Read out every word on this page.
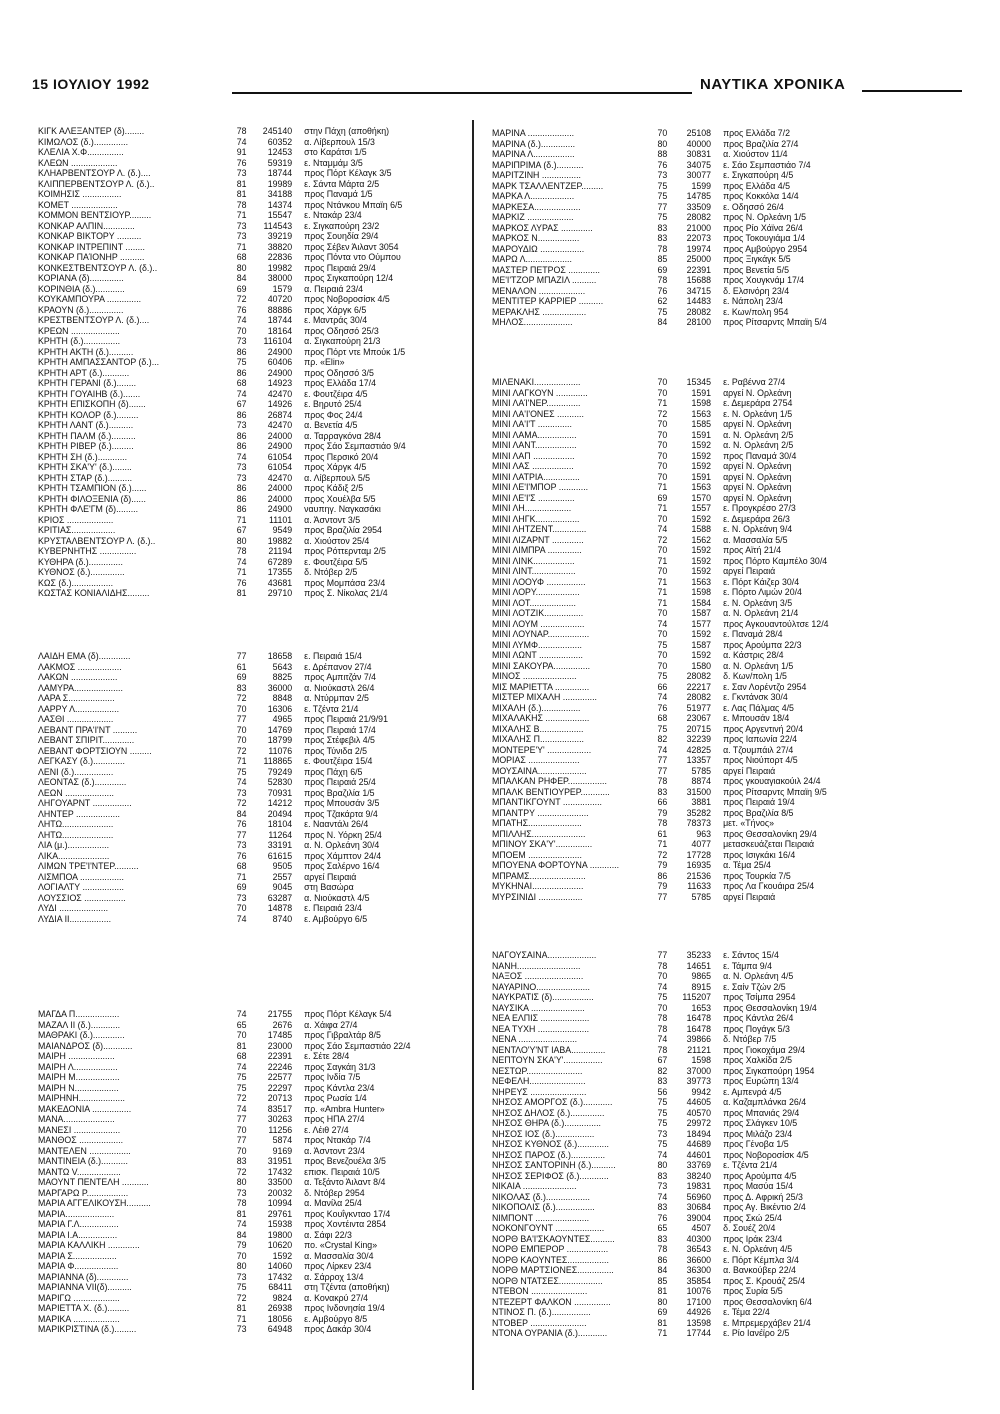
15 ΙΟΥΛΙΟΥ 1992	ΝΑΥΤΙΚΑ ΧΡΟΝΙΚΑ
ΚΙΓΚ ΑΛΕΞΑΝΤΕΡ (δ)........	78	245140	στην Πάχη (αποθήκη)
ΚΙΜΩΛΟΣ (δ.)..............	74	60352	α. Λίβερπουλ 15/3
ΚΛΕΛΙΑ Χ.Φ...............	91	12453	στο Καράτσι 1/5
ΚΛΕΩΝ ...................	76	59319	ε. Νταμμάμ 3/5
ΚΛΗΑΡΒΕΝΤΣΟΥΡ Λ. (δ.)....	73	18744	προς Πόρτ Κέλαγκ 3/5
ΚΛΙΠΠΕΡΒΕΝΤΣΟΥΡ Λ. (δ.)..	81	19989	ε. Σάντα Μάρτα 2/5
ΚΟΙΜΗΣΙΣ ................	81	34188	προς Παναμά 1/5
ΚΟΜΕΤ ...................	78	14374	προς Ντάνκου Μπαϊη 6/5
ΚΟΜΜΟΝ ΒΕΝΤΣΙΟΥΡ.........	71	15547	ε. Ντακάρ 23/4
ΚΟΝΚΑΡ ΑΛΠΙΝ.............	73	114543	ε. Σιγκαπούρη 23/2
ΚΟΝΚΑΡ ΒΙΚΤΟΡΥ ..........	73	39219	προς Σουηδία 29/4
ΚΟΝΚΑΡ ΙΝΤΡΕΠΙΝΤ ........	71	38820	προς Σέβεν Άιλαντ 3054
ΚΟΝΚΑΡ ΠΑΊΟΝΗΡ ..........	68	22836	προς Πόντα ντο Ούμπου
ΚΟΝΚΕΣΤΒΕΝΤΣΟΥΡ Λ. (δ.)..	80	19982	προς Πειραιά 29/4
ΚΟΡΙΑΝΑ (δ)..............	84	38000	προς Σιγκαπούρη 12/4
ΚΟΡΙΝΘΙΑ (δ.)............	69	1579	α. Πειραιά 23/4
ΚΟΥΚΑΜΠΟΥΡΑ ..............	72	40720	προς Νοβοροσίσκ 4/5
ΚΡΑΟΥΝ (δ.)..............	76	88886	προς Χάργκ 6/5
ΚΡΕΣΤΒΕΝΤΣΟΥΡ Λ. (δ.)....	74	18744	ε. Μαντράς 30/4
ΚΡΕΩΝ ....................	70	18164	προς Οδησσό 25/3
ΚΡΗΤΗ (δ.)...............	73	116104	α. Σιγκαπούρη 21/3
ΚΡΗΤΗ ΑΚΤΗ (δ.)..........	86	24900	προς Πόρτ ντε Μπούκ 1/5
ΚΡΗΤΗ ΑΜΠΑΣΣΑΝΤΟΡ (δ.)...	75	60406	πρ. «Elin»
ΚΡΗΤΗ ΑΡΤ (δ.)...........	86	24900	προς Οδησσό 3/5
ΚΡΗΤΗ ΓΕΡΑΝΙ (δ.)........	68	14923	προς Ελλάδα 17/4
ΚΡΗΤΗ ΓΟΥΑΙΗΒ (δ.).......	74	42470	ε. Φουτζέιρα 4/5
ΚΡΗΤΗ ΕΠΙΣΚΟΠΗ (δ).......	67	14926	ε. Βηρυτό 25/4
ΚΡΗΤΗ ΚΟΛΟΡ (δ.).........	86	26874	προς Φος 24/4
ΚΡΗΤΗ ΛΑΝΤ (δ.)..........	73	42470	α. Βενετία 4/5
ΚΡΗΤΗ ΠΑΛΜ (δ.)..........	86	24000	α. Ταρραγκόνα 28/4
ΚΡΗΤΗ ΡΙΒΕΡ (δ.).........	86	24900	προς Σάο Σεμπαστιάο 9/4
ΚΡΗΤΗ ΣΗ (δ.)............	74	61054	προς Περσικό 20/4
ΚΡΗΤΗ ΣΚΑ'Υ' (δ.)........	73	61054	προς Χάργκ 4/5
ΚΡΗΤΗ ΣΤΑΡ (δ.)..........	73	42470	α. Λίβερπουλ 5/5
ΚΡΗΤΗ ΤΣΑΜΠΙΟΝ (δ.)......	86	24000	προς Κάδιξ 2/5
ΚΡΗΤΗ ΦΙΛΟΞΕΝΙΑ (δ)......	86	24000	προς Χουέλβα 5/5
ΚΡΗΤΗ ΦΛΕ'ΓΜ (δ).........	86	24900	ναυπηγ. Ναγκασάκι
ΚΡΙΟΣ ...................	71	11101	α. Άσντοντ 3/5
ΚΡΙΤΙΑΣ..................	67	9549	προς Βραζιλία 2954
ΚΡΥΣΤΑΛΒΕΝΤΣΟΥΡ Λ. (δ.)..	80	19882	α. Χιούστον 25/4
ΚΥΒΕΡΝΗΤΗΣ ...............	78	21194	προς Ρόττερνταμ 2/5
ΚΥΘΗΡΑ (δ.)..............	74	67289	ε. Φουτζέιρα 5/5
ΚΥΘΝΟΣ (δ.)..............	71	17355	δ. Ντόβερ 2/5
ΚΩΣ (δ.).................	76	43681	προς Μομπάσα 23/4
ΚΩΣΤΑΣ ΚΟΝΙΑΛΙΔΗΣ.........	81	29710	προς Σ. Νίκολας 21/4
ΛΑΙΔΗ ΕΜΑ (δ).............	77	18658	ε. Πειραιά 15/4
ΛΑΚΜΟΣ ..................	61	5643	ε. Δρέπανον 27/4
ΛΑΚΩΝ ...................	69	8825	προς Αμπιτζάν 7/4
ΛΑΜΥΡΑ....................	83	36000	α. Νιούκαστλ 26/4
ΛΑΡΑ Σ...................	72	8848	α. Ντύρμπαν 2/5
ΛΑΡΡΥ Λ..................	70	16306	ε. Τζέντα 21/4
ΛΑΣΘΙ ...................	77	4965	προς Πειραιά 21/9/91
ΛΕΒΑΝΤ ΠΡΑ'Ι'ΝΤ ..........	70	14769	προς Πειραιά 17/4
ΛΕΒΑΝΤ ΣΠΙΡΙΤ.............	70	18799	προς Στέφεβιλ 4/5
ΛΕΒΑΝΤ ΦΟΡΤΣΙΟΥΝ .........	72	11076	προς Τύνιδα 2/5
ΛΕΓΚΑΣΥ (δ.).............	71	118865	ε. Φουτζέιρα 15/4
ΛΕΝΙ (δ.)................	75	79249	προς Πάχη 6/5
ΛΕΟΝΤΑΣ (δ.).............	74	52830	προς Πειραιά 25/4
ΛΕΩΝ ....................	73	70931	προς Βραζιλία 1/5
ΛΗΓΟΥΑΡΝΤ ................	72	14212	προς Μπουσάν 3/5
ΛΗΝΤΕΡ ..................	84	20494	προς Τζακάρτα 9/4
ΛΗΤΩ.....................	76	18104	ε. Νααντάλι 26/4
ΛΗΤΩ.....................	77	11264	προς Ν. Υόρκη 25/4
ΛΙΑ (μ.).................	73	33191	α. Ν. Ορλεάνη 30/4
ΛΙΚΑ.....................	76	61615	προς Χάμπτον 24/4
ΛΙΜΩΝ ΤΡΕ'Ι'ΝΤΕΡ..........	68	9505	προς Σαλέρνο 16/4
ΛΙΣΜΠΟΑ ..................	71	2557	αργεί Πειραιά
ΛΟΓΙΑΛΤΥ .................	69	9045	στη Βασώρα
ΛΟΥΣΣΙΟΣ .................	73	63287	α. Νιούκαστλ 4/5
ΛΥΔΙ ....................	70	14878	ε. Πειραιά 23/4
ΛΥΔΙΑ ΙΙ.................	74	8740	ε. Αμβούργο 6/5
ΜΑΓΔΑ Π..................	74	21755	προς Πόρτ Κέλαγκ 5/4
ΜΑΖΑΛ ΙΙ (δ.)............	65	2676	α. Χάιφα 27/4
ΜΑΘΡΑΚΙ (δ.).............	70	17485	προς Γιβραλτάρ 8/5
ΜΑΙΑΝΔΡΟΣ (δ)............	81	23000	προς Σάο Σεμπαστιάο 22/4
ΜΑΙΡΗ ...................	68	22391	ε. Σέτε 28/4
ΜΑΙΡΗ Λ..................	74	22246	προς Σαγκάη 31/3
ΜΑΙΡΗ Μ..................	75	22577	προς Ινδία 7/5
ΜΑΙΡΗ Ν..................	75	22297	προς Κάντλα 23/4
ΜΑΙΡΗΝΗ...................	72	20713	προς Ρωσία 1/4
ΜΑΚΕΔΟΝΙΑ ................	74	83517	πρ. «Ambra Hunter»
ΜΑΝΑ.....................	77	30263	προς ΗΠΑ 27/4
ΜΑΝΕΣΙ ...................	70	11256	ε. Λέιθ 27/4
ΜΑΝΘΟΣ ..................	77	5874	προς Ντακάρ 7/4
ΜΑΝΤΕΛΕΝ .................	70	9169	α. Άσντοντ 23/4
ΜΑΝΤΙΝΕΙΑ (δ.)...........	83	31951	προς Βενεζουέλα 3/5
ΜΑΝΤΩ V..................	72	17432	επισκ. Πειραιά 10/5
ΜΑΟΥΝΤ ΠΕΝΤΕΛΗ ...........	80	33500	α. Τεξάντο Άιλαντ 8/4
ΜΑΡΓΑΡΩ Ρ.................	73	20032	δ. Ντόβερ 2954
ΜΑΡΙΑ ΑΓΓΕΛΙΚΟΥΣΗ..........	78	10994	α. Μανίλα 25/4
ΜΑΡΙΑ....................	81	29761	προς Κουΐγκνταο 17/4
ΜΑΡΙΑ Γ.Λ................	74	15938	προς Χοντέιντα 2854
ΜΑΡΙΑ Ι.Α................	84	19800	α. Σάφι 22/3
ΜΑΡΙΑ ΚΑΛΛΙΚΗ .............	79	10620	πο. «Crystal King»
ΜΑΡΙΑ Σ..................	70	1592	α. Μασσαλία 30/4
ΜΑΡΙΑ Φ..................	80	14060	προς Λίρκεν 23/4
ΜΑΡΙΑΝΝΑ (δ).............	73	17432	α. Σάρροχ 13/4
ΜΑΡΙΑΝΝΑ VII(δ)..........	75	68411	στη Τζέντα (αποθήκη)
ΜΑΡΙΓΩ ...................	72	9824	α. Κονακρύ 27/4
ΜΑΡΙΕΤΤΑ Χ. (δ.).........	81	26938	προς Ινδονησία 19/4
ΜΑΡΙΚΑ ...................	71	18056	ε. Αμβούργο 8/5
ΜΑΡΙΚΡΙΣΤΙΝΑ (δ.).........	73	64948	προς Δακάρ 30/4
ΜΑΡΙΝΑ ...................	70	25108	προς Ελλάδα 7/2
ΜΑΡΙΝΑ (δ.)..............	80	40000	προς Βραζιλία 27/4
ΜΑΡΙΝΑ Λ.................	88	30831	α. Χιούστον 11/4
ΜΑΡΙΠΡΙΜΑ (δ.)...........	76	34075	ε. Σάο Σεμπαστιάο 7/4
ΜΑΡΙΤΖΙΝΗ ................	73	30077	ε. Σιγκαπούρη 4/5
ΜΑΡΚ ΤΣΑΛΛΕΝΤΖΕΡ.........	75	1599	προς Ελλάδα 4/5
ΜΑΡΚΑ Λ..................	75	14785	προς Κοκκόλα 14/4
ΜΑΡΚΕΣΑ...................	77	33509	ε. Οδησσό 26/4
ΜΑΡΚΙΖ ...................	75	28082	προς Ν. Ορλεάνη 1/5
ΜΑΡΚΟΣ ΛΥΡΑΣ .............	83	21000	προς Ρίο Χάϊνα 26/4
ΜΑΡΚΟΣ Ν.................	83	22073	προς Τοκουγιάμα 1/4
ΜΑΡΟΥΔΙΩ ..................	78	19974	προς Αμβούργο 2954
ΜΑΡΩ Λ...................	85	25000	προς Ξιγκάγκ 5/5
ΜΑΣΤΕΡ ΠΕΤΡΟΣ .............	69	22391	προς Βενετία 5/5
ΜΕ'Ι'ΤΖΟΡ ΜΠΑΖΙΛ ..........	78	15688	προς Χουγκνάμ 17/4
ΜΕΝΑΛΟΝ ...................	76	34715	δ. Ελσινόρη 23/4
ΜΕΝΤΙΤΕΡ ΚΑΡΡΙΕΡ ..........	62	14483	ε. Νάπολη 23/4
ΜΕΡΑΚΛΗΣ ..................	75	28082	ε. Κων/πολη 954
ΜΗΛΟΣ....................	84	28100	προς Ρίτσαρντς Μπαϊη 5/4
ΜΙΛΕΝΑΚΙ...................	70	15345	ε. Ραβέννα 27/4
ΜΙΝΙ ΛΑΓΚΟΥΝ .............	70	1591	αργεί Ν. Ορλεάνη
ΜΙΝΙ ΛΑΊ'ΝΕΡ..............	71	1598	ε. Δεμεράρα 2754
ΜΙΝΙ ΛΑ'Ι'ΟΝΕΣ ...........	72	1563	ε. Ν. Ορλεάνη 1/5
ΜΙΝΙ ΛΑ'Ι'Τ ..............	70	1585	αργεί Ν. Ορλεάνη
ΜΙΝΙ ΛΑΜΑ................	70	1591	α. Ν. Ορλεάνη 2/5
ΜΙΝΙ ΛΑΝΤ.................	70	1592	α. Ν. Ορλεάνη 2/5
ΜΙΝΙ ΛΑΠ .................	70	1592	προς Παναμά 30/4
ΜΙΝΙ ΛΑΣ .................	70	1592	αργεί Ν. Ορλεάνη
ΜΙΝΙ ΛΑΤΡΙΑ...............	70	1591	αργεί Ν. Ορλεάνη
ΜΙΝΙ ΛΕ'Ι'ΜΠΟΡ ............	71	1563	αργεί Ν. Ορλεάνη
ΜΙΝΙ ΛΕ'Ι'Σ ...............	69	1570	αργεί Ν. Ορλεάνη
ΜΙΝΙ ΛΗ...................	71	1557	ε. Προγκρέσο 27/3
ΜΙΝΙ ΛΗΓΚ..................	70	1592	ε. Δεμεράρα 26/3
ΜΙΝΙ ΛΗΤΖΕΝΤ..............	74	1588	ε. Ν. Ορλεάνη 9/4
ΜΙΝΙ ΛΙΖΑΡΝΤ .............	72	1562	α. Μασσαλία 5/5
ΜΙΝΙ ΛΙΜΠΡΑ ..............	70	1592	προς Αϊτή 21/4
ΜΙΝΙ ΛΙΝΚ.................	71	1592	προς Πόρτο Καμπέλο 30/4
ΜΙΝΙ ΛΙΝΤ..................	70	1592	αργεί Πειραιά
ΜΙΝΙ ΛΟΟΥΦ ................	71	1563	ε. Πόρτ Κάιζερ 30/4
ΜΙΝΙ ΛΟΡΥ..................	71	1598	ε. Πόρτο Λιμών 20/4
ΜΙΝΙ ΛΟΤ...................	71	1584	ε. Ν. Ορλεάνη 3/5
ΜΙΝΙ ΛΟΤΖΙΚ................	70	1587	α. Ν. Ορλεάνη 21/4
ΜΙΝΙ ΛΟΥΜ ..................	74	1577	προς Αγκουαντούλτσε 12/4
ΜΙΝΙ ΛΟΥΝΑΡ.................	70	1592	ε. Παναμά 28/4
ΜΙΝΙ ΛΥΜΦ..................	75	1587	προς Αρούμπα 22/3
ΜΙΝΙ ΛΩΝΤ ..................	70	1592	α. Κάστρις 28/4
ΜΙΝΙ ΣΑΚΟΥΡΑ...............	70	1580	α. Ν. Ορλεάνη 1/5
ΜΙΝΟΣ ......................	75	28082	δ. Κων/πολη 1/5
ΜΙΣ ΜΑΡΙΕΤΤΑ ..............	66	22217	ε. Σαν Λορέντζο 2954
ΜΙΣΤΕΡ ΜΙΧΑΛΗ ..............	74	28082	ε. Γκντάνσκ 30/4
ΜΙΧΑΛΗ (δ.)................	76	51977	ε. Λας Πάλμας 4/5
ΜΙΧΑΛΑΚΗΣ ..................	68	23067	ε. Μπουσάν 18/4
ΜΙΧΑΛΗΣ Β..................	75	20715	προς Αργεντινή 20/4
ΜΙΧΑΛΗΣ Π..................	82	32239	προς Ιαπωνία 22/4
ΜΟΝΤΕΡΕ'Υ' ..................	74	42825	α. Τζουμπάιλ 27/4
ΜΟΡΙΑΣ .....................	77	13357	προς Νιούπορτ 4/5
ΜΟΥΣΑΙΝΑ....................	77	5785	αργεί Πειραιά
ΜΠΑΛΚΑΝ ΡΗΦΕΡ................	78	8874	προς γκουαγιακούιλ 24/4
ΜΠΑΛΚ ΒΕΝΤΙΟΥΡΕΡ............	83	31500	προς Ρίτσαρντς Μπαϊη 9/5
ΜΠΑΝΤΙΚΓΟΥΝΤ ................	66	3881	προς Πειραιά 19/4
ΜΠΑΝΤΡΥ .....................	79	35282	προς Βραζιλία 8/5
ΜΠΑΤΗΣ......................	78	78373	μετ. «Τήνος»
ΜΠΙΛΛΗΣ......................	61	963	προς Θεσσαλονίκη 29/4
ΜΠΙΝΟΥ ΣΚΑ'Υ'...............	71	4077	μετασκευάζεται Πειραιά
ΜΠΟΕΜ ......................	72	17728	προς Ισιγκάκι 16/4
ΜΠΟΥΕΝΑ ΦΟΡΤΟΥΝΑ ............	79	16935	α. Τέμα 25/4
ΜΠΡΑΜΣ.......................	86	21536	προς Τουρκία 7/5
ΜΥΚΗΝΑΙ.....................	79	11633	προς Λα Γκουάιρα 25/4
ΜΥΡΣΙΝΙΔΙ ..................	77	5785	αργεί Πειραιά
ΝΑΓΟΥΣΑΙΝΑ....................	77	35233	ε. Σάντος 15/4
ΝΑΝΗ..........................	78	14651	ε. Τάμπα 9/4
ΝΑΞΟΣ ........................	70	9865	α. Ν. Ορλεάνη 4/5
ΝΑΥΑΡΙΝΟ......................	74	8915	ε. Σαίν Τζών 2/5
ΝΑΥΚΡΑΤΙΣ (δ).................	75	115207	προς Τσίμπα 2954
ΝΑΥΣΙΚΑ ......................	70	1653	προς Θεσσαλονίκη 19/4
ΝΕΑ ΕΛΠΙΣ ....................	78	16478	προς Κάντλα 26/4
ΝΕΑ ΤΥΧΗ .....................	78	16478	προς Πογάγκ 5/3
ΝΕΝΑ ........................	74	39866	δ. Ντόβερ 7/5
ΝΕΝΤΛΟ'Υ'ΝΤ ΙΑΒΑ..............	78	21121	προς Γιοκοχάμα 29/4
ΝΕΠΤΟΥΝ ΣΚΑ'Υ'................	67	1598	προς Χαλκίδα 2/5
ΝΕΣΤΩΡ.......................	82	37000	προς Σιγκαπούρη 1954
ΝΕΦΕΛΗ.......................	83	39773	προς Ευρώπη 13/4
ΝΗΡΕΥΣ .......................	56	9942	ε. Αμπενρά 4/5
ΝΗΣΟΣ ΑΜΟΡΓΟΣ (δ.)............	75	44605	α. Καζαμπλάνκα 26/4
ΝΗΣΟΣ ΔΗΛΟΣ (δ.)..............	75	40570	προς Μπανιάς 29/4
ΝΗΣΟΣ ΘΗΡΑ (δ.)...............	75	29972	προς Σλάγκεν 10/5
ΝΗΣΟΣ ΙΟΣ (δ.)................	73	18494	προς Μιλάζο 23/4
ΝΗΣΟΣ ΚΥΘΝΟΣ (δ.).............	75	44689	προς Γένοβα 1/5
ΝΗΣΟΣ ΠΑΡΟΣ (δ.)..............	74	44601	προς Νοβοροσίσκ 4/5
ΝΗΣΟΣ ΣΑΝΤΟΡΙΝΗ (δ.)..........	80	33769	ε. Τζέντα 21/4
ΝΗΣΟΣ ΣΕΡΙΦΟΣ (δ.)............	83	38240	προς Αρούμπα 4/5
ΝΙΚΑΙΑ ......................	73	19831	προς Μασύα 15/4
ΝΙΚΟΛΑΣ (δ.)..................	74	56960	προς Δ. Αφρική 25/3
ΝΙΚΟΠΟΛΙΣ (δ.)................	83	30684	προς Αγ. Βικέντιο 2/4
ΝΙΜΠΟΝΤ ......................	76	39004	προς Σκώ 25/4
ΝΟΚΟΝΓΟΥΝΤ ....................	65	4507	δ. Σουέζ 20/4
ΝΟΡΘ ΒΑ'Ι'ΣΚΑΟΥΝΤΕΣ..........	83	40300	προς Ιράκ 23/4
ΝΟΡΘ ΕΜΠΕΡΟΡ .................	78	36543	ε. Ν. Ορλεάνη 4/5
ΝΟΡΘ ΚΑΟΥΝΤΕΣ.................	86	36600	ε. Πόρτ Κέμπλα 3/4
ΝΟΡΘ ΜΑΡΤΣΙΟΝΕΣ...............	84	36300	α. Βανκούβερ 22/4
ΝΟΡΘ ΝΤΑΤΣΕΣ..................	85	35854	προς Σ. Κρουάζ 25/4
ΝΤΕΒΟΝ .......................	81	10076	προς Συρία 5/5
ΝΤΕΖΕΡΤ ΦΑΛΚΟΝ ...............	80	17100	προς Θεσσαλονίκη 6/4
ΝΤΙΝΟΣ Π. (δ.)................	69	44926	ε. Τέμα 22/4
ΝΤΟΒΕΡ .......................	81	13598	ε. Μπρεμερχάβεν 21/4
ΝΤΟΝΑ ΟΥΡΑΝΙΑ (δ.)............	71	17744	ε. Ρίο Ιανέϊρο 2/5
